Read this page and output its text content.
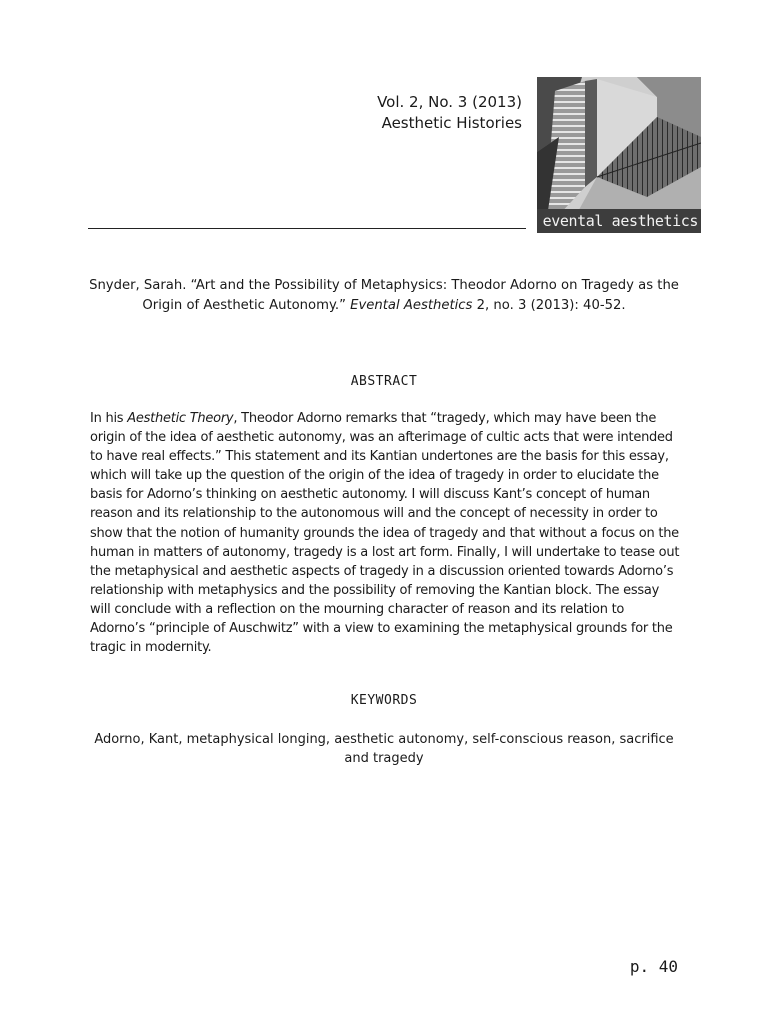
Vol. 2, No. 3 (2013)
Aesthetic Histories
evental aesthetics
Snyder, Sarah. “Art and the Possibility of Metaphysics: Theodor Adorno on Tragedy as the Origin of Aesthetic Autonomy.” Evental Aesthetics 2, no. 3 (2013): 40-52.
ABSTRACT

In his Aesthetic Theory, Theodor Adorno remarks that “tragedy, which may have been the origin of the idea of aesthetic autonomy, was an afterimage of cultic acts that were intended to have real effects.” This statement and its Kantian undertones are the basis for this essay, which will take up the question of the origin of the idea of tragedy in order to elucidate the basis for Adorno’s thinking on aesthetic autonomy. I will discuss Kant’s concept of human reason and its relationship to the autonomous will and the concept of necessity in order to show that the notion of humanity grounds the idea of tragedy and that without a focus on the human in matters of autonomy, tragedy is a lost art form. Finally, I will undertake to tease out the metaphysical and aesthetic aspects of tragedy in a discussion oriented towards Adorno’s relationship with metaphysics and the possibility of removing the Kantian block. The essay will conclude with a reflection on the mourning character of reason and its relation to Adorno’s “principle of Auschwitz” with a view to examining the metaphysical grounds for the tragic in modernity.

KEYWORDS
Adorno, Kant, metaphysical longing, aesthetic autonomy, self-conscious reason, sacrifice and tragedy
p. 40
